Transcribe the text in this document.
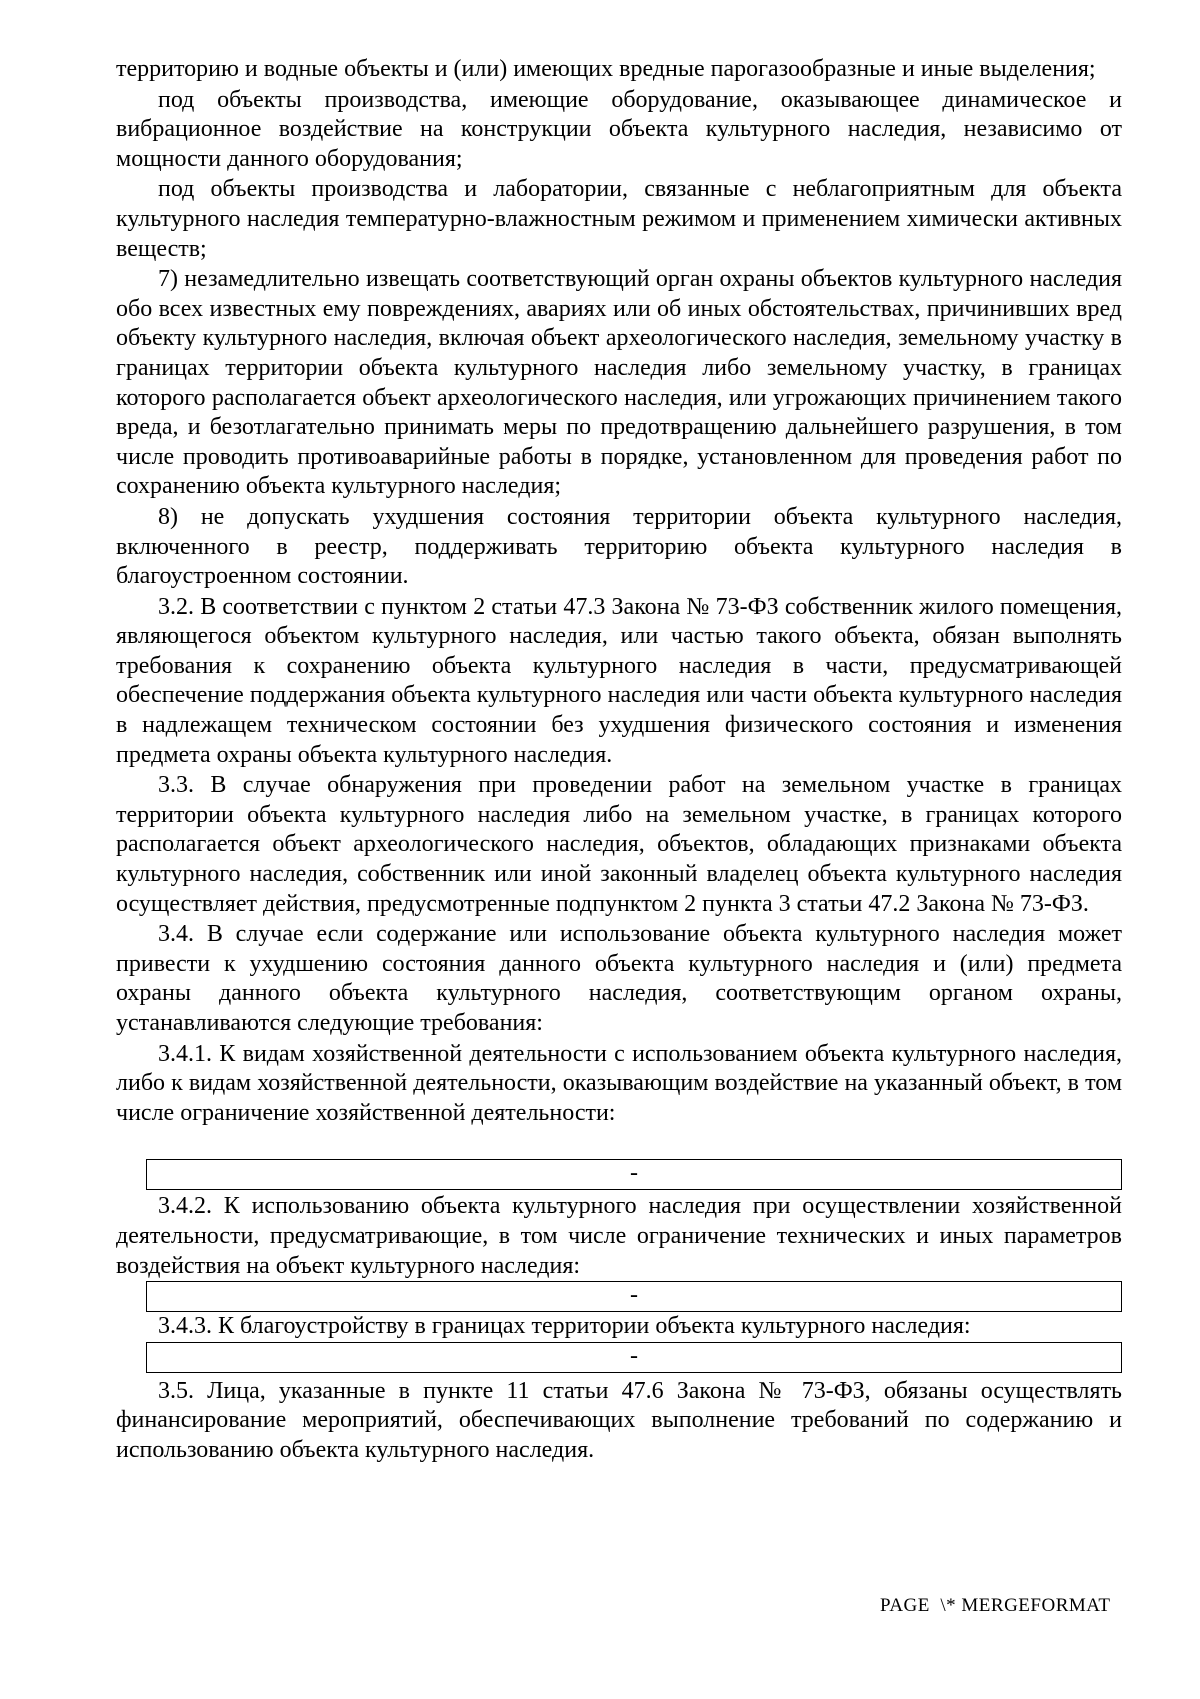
территорию и водные объекты и (или) имеющих вредные парогазообразные и иные выделения;

под объекты производства, имеющие оборудование, оказывающее динамическое и вибрационное воздействие на конструкции объекта культурного наследия, независимо от мощности данного оборудования;

под объекты производства и лаборатории, связанные с неблагоприятным для объекта культурного наследия температурно-влажностным режимом и применением химически активных веществ;

7) незамедлительно извещать соответствующий орган охраны объектов культурного наследия обо всех известных ему повреждениях, авариях или об иных обстоятельствах, причинивших вред объекту культурного наследия, включая объект археологического наследия, земельному участку в границах территории объекта культурного наследия либо земельному участку, в границах которого располагается объект археологического наследия, или угрожающих причинением такого вреда, и безотлагательно принимать меры по предотвращению дальнейшего разрушения, в том числе проводить противоаварийные работы в порядке, установленном для проведения работ по сохранению объекта культурного наследия;

8) не допускать ухудшения состояния территории объекта культурного наследия, включенного в реестр, поддерживать территорию объекта культурного наследия в благоустроенном состоянии.

3.2. В соответствии с пунктом 2 статьи 47.3 Закона № 73-ФЗ собственник жилого помещения, являющегося объектом культурного наследия, или частью такого объекта, обязан выполнять требования к сохранению объекта культурного наследия в части, предусматривающей обеспечение поддержания объекта культурного наследия или части объекта культурного наследия в надлежащем техническом состоянии без ухудшения физического состояния и изменения предмета охраны объекта культурного наследия.

3.3. В случае обнаружения при проведении работ на земельном участке в границах территории объекта культурного наследия либо на земельном участке, в границах которого располагается объект археологического наследия, объектов, обладающих признаками объекта культурного наследия, собственник или иной законный владелец объекта культурного наследия осуществляет действия, предусмотренные подпунктом 2 пункта 3 статьи 47.2 Закона № 73-ФЗ.

3.4. В случае если содержание или использование объекта культурного наследия может привести к ухудшению состояния данного объекта культурного наследия и (или) предмета охраны данного объекта культурного наследия, соответствующим органом охраны, устанавливаются следующие требования:

3.4.1. К видам хозяйственной деятельности с использованием объекта культурного наследия, либо к видам хозяйственной деятельности, оказывающим воздействие на указанный объект, в том числе ограничение хозяйственной деятельности:

-

3.4.2. К использованию объекта культурного наследия при осуществлении хозяйственной деятельности, предусматривающие, в том числе ограничение технических и иных параметров воздействия на объект культурного наследия:

-

3.4.3. К благоустройству в границах территории объекта культурного наследия:

-

3.5. Лица, указанные в пункте 11 статьи 47.6 Закона № 73-ФЗ, обязаны осуществлять финансирование мероприятий, обеспечивающих выполнение требований по содержанию и использованию объекта культурного наследия.

PAGE  \* MERGEFORMAT
